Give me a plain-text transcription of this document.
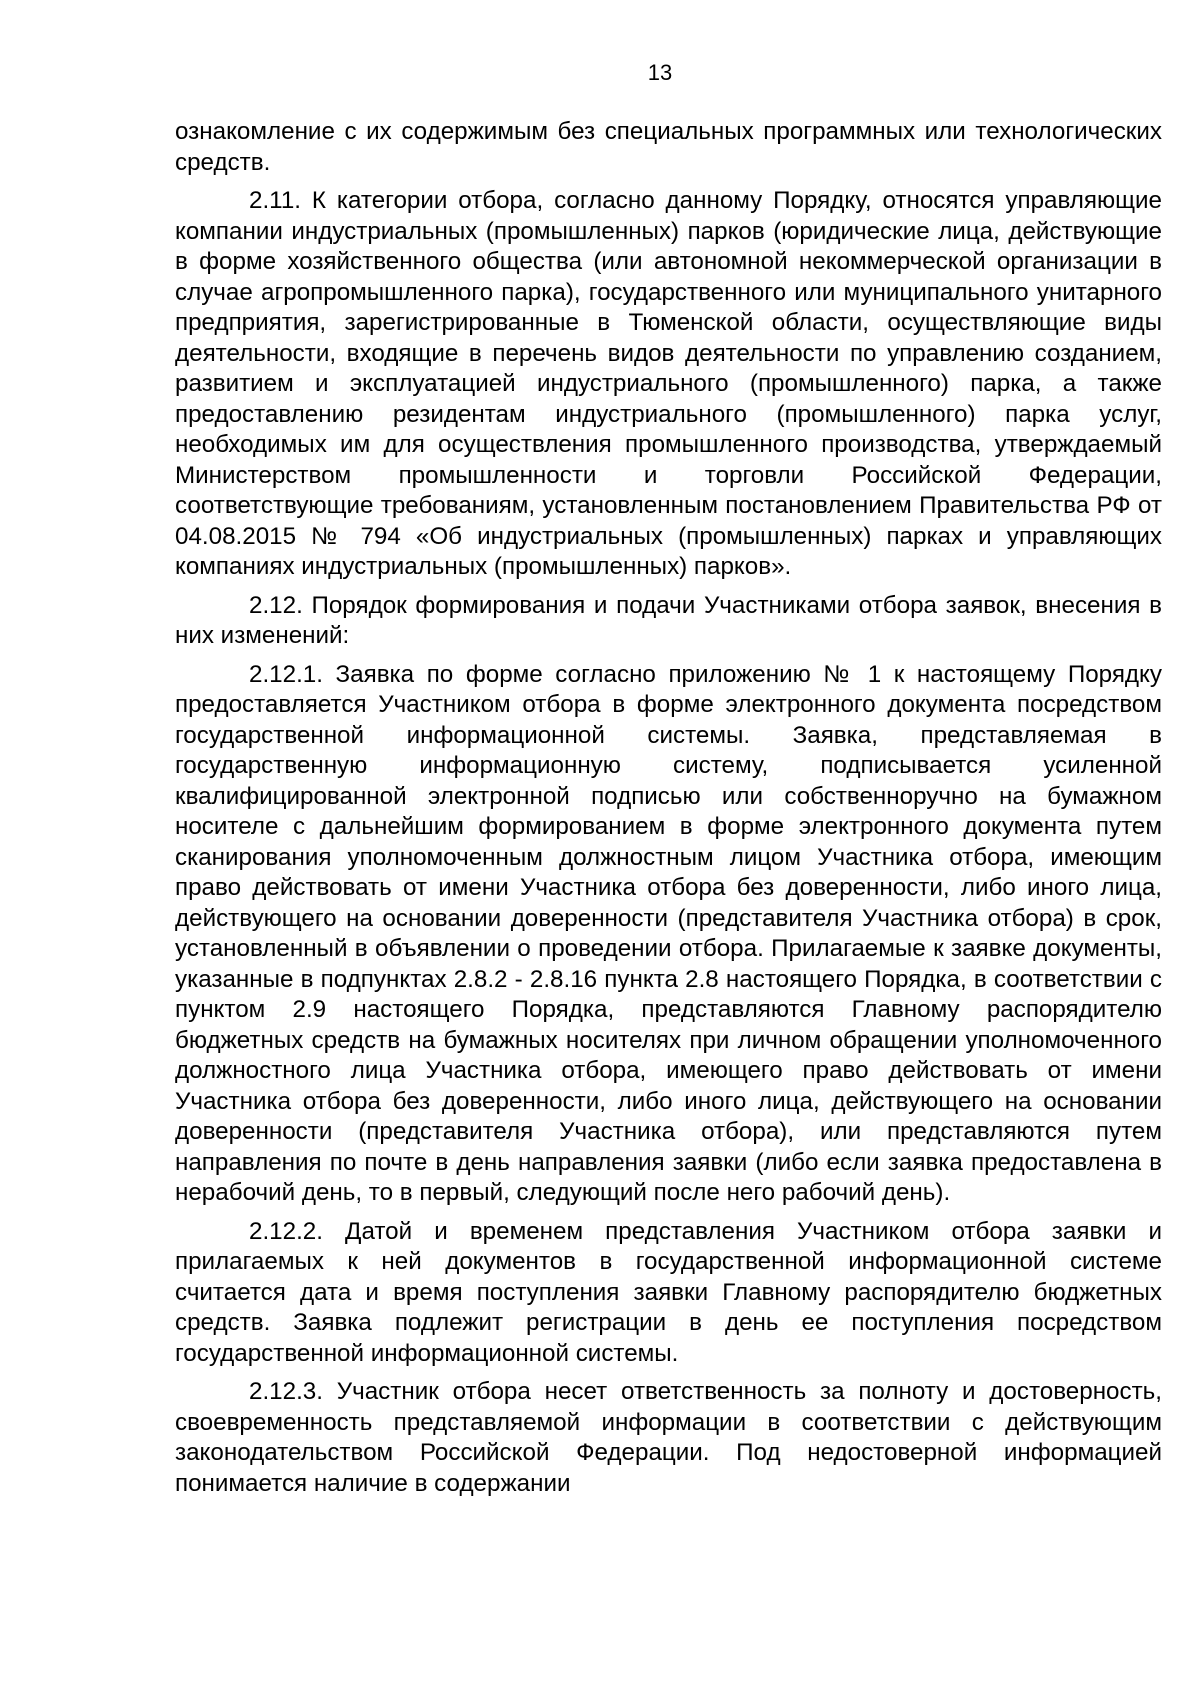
13

ознакомление с их содержимым без специальных программных или технологических средств.

2.11. К категории отбора, согласно данному Порядку, относятся управляющие компании индустриальных (промышленных) парков (юридические лица, действующие в форме хозяйственного общества (или автономной некоммерческой организации в случае агропромышленного парка), государственного или муниципального унитарного предприятия, зарегистрированные в Тюменской области, осуществляющие виды деятельности, входящие в перечень видов деятельности по управлению созданием, развитием и эксплуатацией индустриального (промышленного) парка, а также предоставлению резидентам индустриального (промышленного) парка услуг, необходимых им для осуществления промышленного производства, утверждаемый Министерством промышленности и торговли Российской Федерации, соответствующие требованиям, установленным постановлением Правительства РФ от 04.08.2015 № 794 «Об индустриальных (промышленных) парках и управляющих компаниях индустриальных (промышленных) парков».

2.12. Порядок формирования и подачи Участниками отбора заявок, внесения в них изменений:

2.12.1. Заявка по форме согласно приложению № 1 к настоящему Порядку предоставляется Участником отбора в форме электронного документа посредством государственной информационной системы. Заявка, представляемая в государственную информационную систему, подписывается усиленной квалифицированной электронной подписью или собственноручно на бумажном носителе с дальнейшим формированием в форме электронного документа путем сканирования уполномоченным должностным лицом Участника отбора, имеющим право действовать от имени Участника отбора без доверенности, либо иного лица, действующего на основании доверенности (представителя Участника отбора) в срок, установленный в объявлении о проведении отбора. Прилагаемые к заявке документы, указанные в подпунктах 2.8.2 - 2.8.16 пункта 2.8 настоящего Порядка, в соответствии с пунктом 2.9 настоящего Порядка, представляются Главному распорядителю бюджетных средств на бумажных носителях при личном обращении уполномоченного должностного лица Участника отбора, имеющего право действовать от имени Участника отбора без доверенности, либо иного лица, действующего на основании доверенности (представителя Участника отбора), или представляются путем направления по почте в день направления заявки (либо если заявка предоставлена в нерабочий день, то в первый, следующий после него рабочий день).

2.12.2. Датой и временем представления Участником отбора заявки и прилагаемых к ней документов в государственной информационной системе считается дата и время поступления заявки Главному распорядителю бюджетных средств. Заявка подлежит регистрации в день ее поступления посредством государственной информационной системы.

2.12.3. Участник отбора несет ответственность за полноту и достоверность, своевременность представляемой информации в соответствии с действующим законодательством Российской Федерации. Под недостоверной информацией понимается наличие в содержании
